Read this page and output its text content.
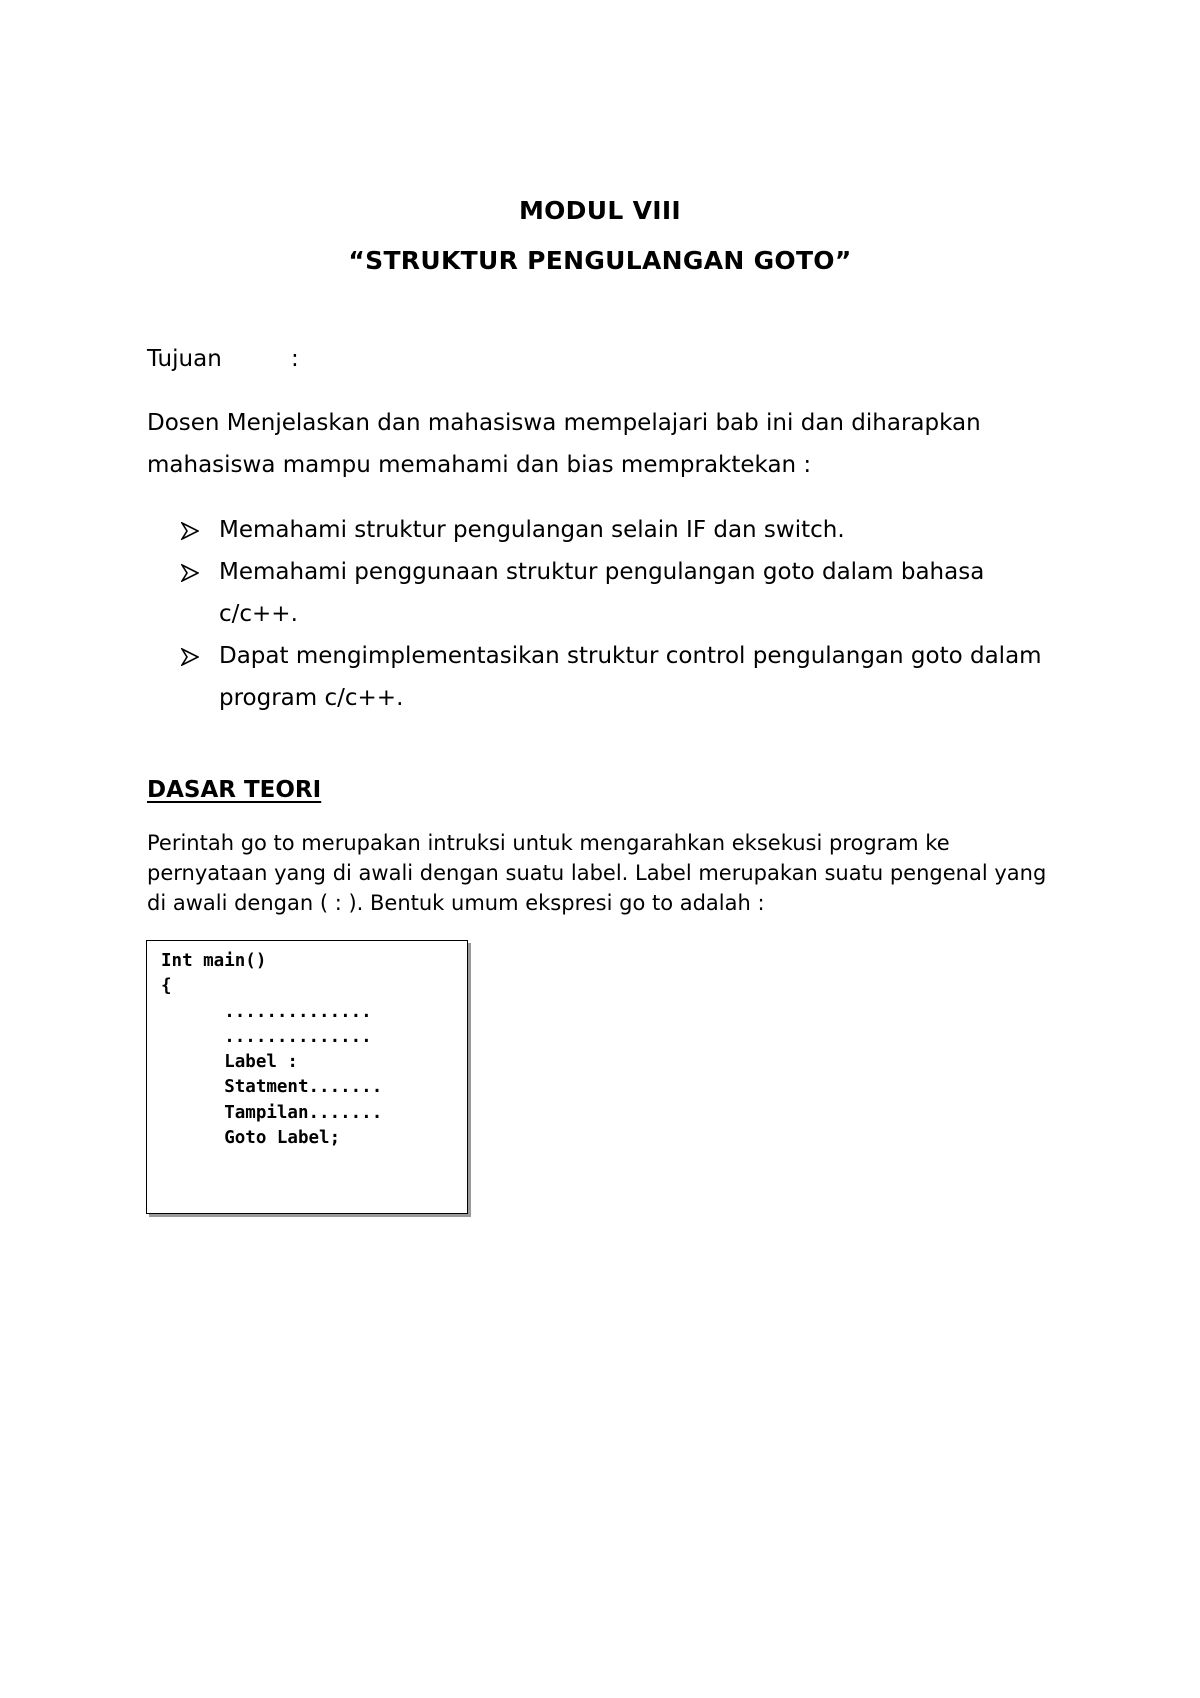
MODUL VIII
“STRUKTUR PENGULANGAN GOTO”
Tujuan	:
Dosen Menjelaskan dan mahasiswa mempelajari bab ini dan diharapkan mahasiswa mampu memahami dan bias mempraktekan :
Memahami struktur pengulangan selain IF dan switch.
Memahami penggunaan struktur pengulangan goto dalam bahasa c/c++.
Dapat mengimplementasikan struktur control pengulangan goto dalam program c/c++.
DASAR TEORI
Perintah go to merupakan intruksi untuk mengarahkan eksekusi program ke pernyataan yang di awali dengan suatu label. Label merupakan suatu pengenal yang di awali dengan ( : ). Bentuk umum ekspresi go to adalah :
Int main()
{
..............
..............
Label :
Statment.......
Tampilan.......
Goto Label;
